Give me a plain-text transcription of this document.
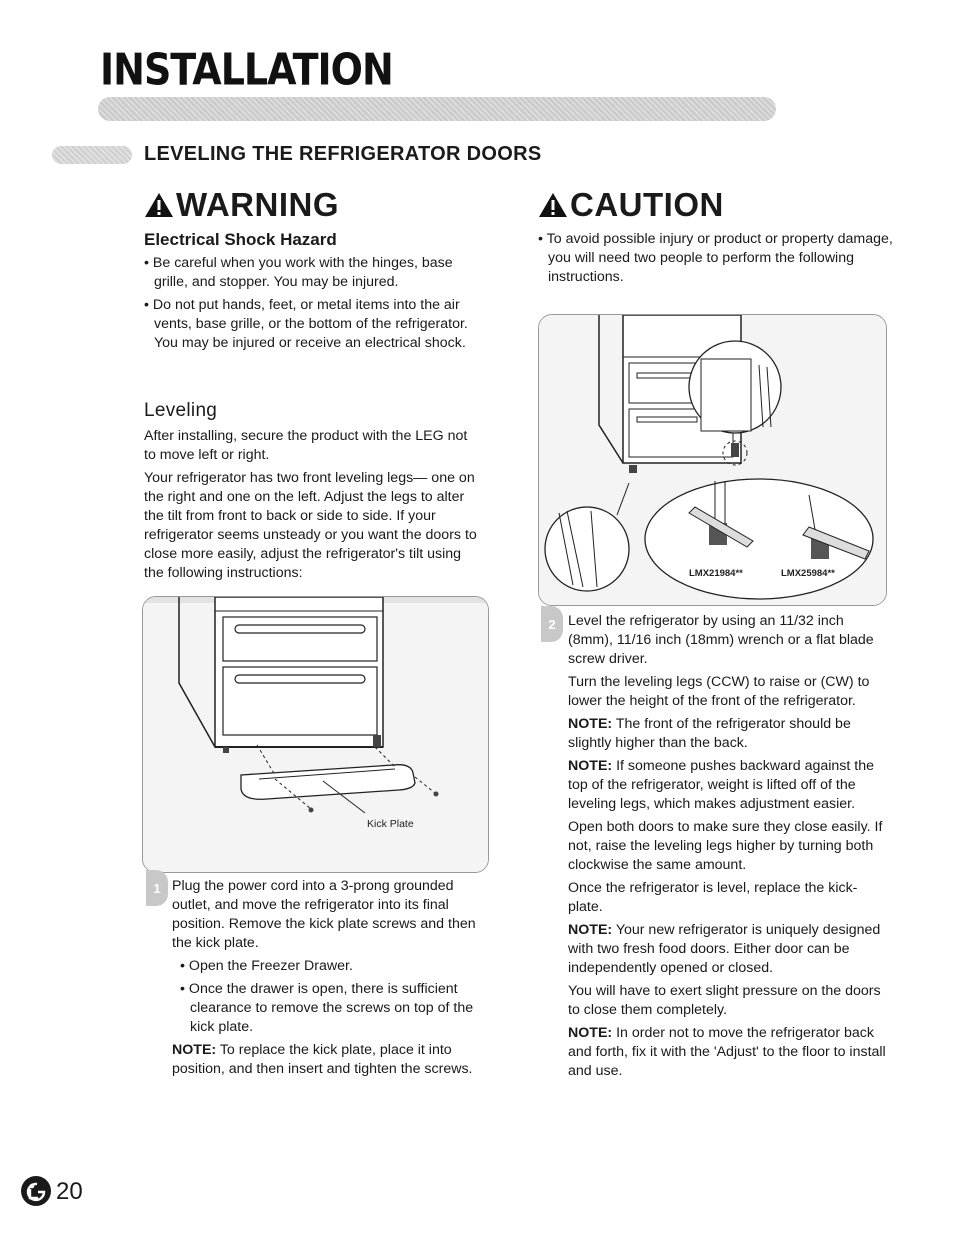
INSTALLATION
LEVELING THE REFRIGERATOR DOORS
WARNING
Electrical Shock Hazard

• Be careful when you work with the hinges, base grille, and stopper. You may be injured.

• Do not put hands, feet, or metal items into the air vents, base grille, or the bottom of the refrigerator. You may be injured or receive an electrical shock.

CAUTION

• To avoid possible injury or product or property damage, you will need two people to perform the following instructions.

Leveling

After installing, secure the product with the LEG not to move left or right.

Your refrigerator has two front leveling legs— one on the right and one on the left. Adjust the legs to alter the tilt from front to back or side to side. If your refrigerator seems unsteady or you want the doors to close more easily, adjust the refrigerator's tilt using the following instructions:

Kick Plate
LMX21984**	LMX25984**
1 Plug the power cord into a 3-prong grounded outlet, and move the refrigerator into its final position. Remove the kick plate screws and then the kick plate.

• Open the Freezer Drawer.

• Once the drawer is open, there is sufficient clearance to remove the screws on top of the kick plate.

NOTE: To replace the kick plate, place it into position, and then insert and tighten the screws.

2 Level the refrigerator by using an 11/32 inch (8mm), 11/16 inch (18mm) wrench or a flat blade screw driver.

Turn the leveling legs (CCW) to raise or (CW) to lower the height of the front of the refrigerator.

NOTE: The front of the refrigerator should be slightly higher than the back.

NOTE: If someone pushes backward against the top of the refrigerator, weight is lifted off of the leveling legs, which makes adjustment easier.

Open both doors to make sure they close easily. If not, raise the leveling legs higher by turning both clockwise the same amount.

Once the refrigerator is level, replace the kick-plate.

NOTE: Your new refrigerator is uniquely designed with two fresh food doors. Either door can be independently opened or closed.

You will have to exert slight pressure on the doors to close them completely.

NOTE: In order not to move the refrigerator back and forth, fix it with the 'Adjust' to the floor to install and use.

20
